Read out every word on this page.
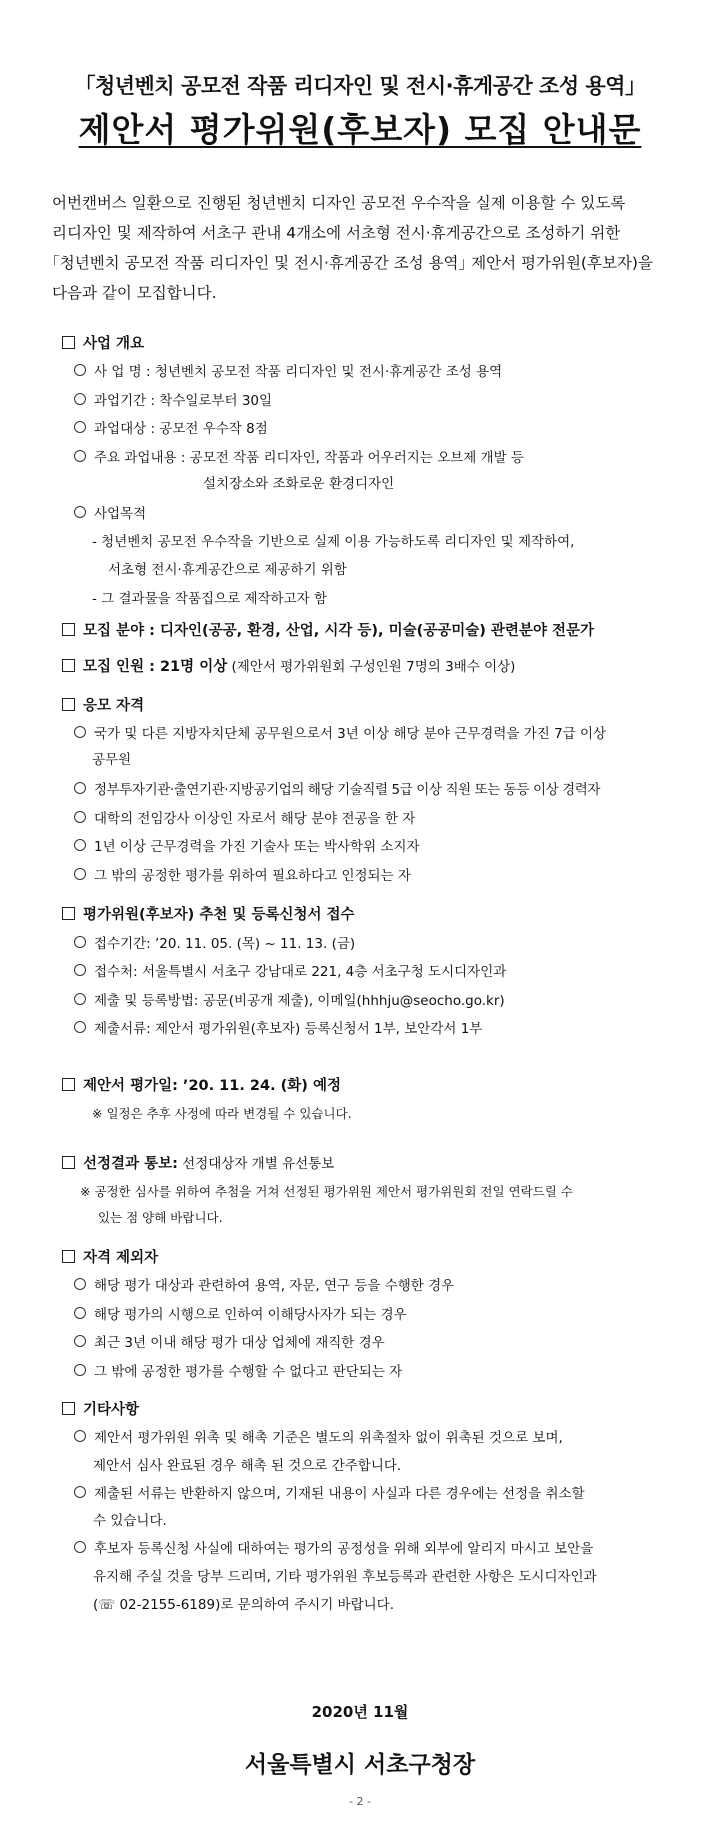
「청년벤치 공모전 작품 리디자인 및 전시·휴게공간 조성 용역」
제안서 평가위원(후보자) 모집 안내문
어번캔버스 일환으로 진행된 청년벤치 디자인 공모전 우수작을 실제 이용할 수 있도록
리디자인 및 제작하여 서초구 관내 4개소에 서초형 전시·휴게공간으로 조성하기 위한
｢청년벤치 공모전 작품 리디자인 및 전시·휴게공간 조성 용역｣ 제안서 평가위원(후보자)을
다음과 같이 모집합니다.
사업 개요
사 업 명 : 청년벤치 공모전 작품 리디자인 및 전시·휴게공간 조성 용역
과업기간 : 착수일로부터 30일
과업대상 : 공모전 우수작 8점
주요 과업내용 : 공모전 작품 리디자인, 작품과 어우러지는 오브제 개발 등
설치장소와 조화로운 환경디자인
사업목적
- 청년벤치 공모전 우수작을 기반으로 실제 이용 가능하도록 리디자인 및 제작하여,
서초형 전시·휴게공간으로 제공하기 위함
- 그 결과물을 작품집으로 제작하고자 함
모집 분야 : 디자인(공공, 환경, 산업, 시각 등), 미술(공공미술) 관련분야 전문가
모집 인원 : 21명 이상 (제안서 평가위원회 구성인원 7명의 3배수 이상)
응모 자격
국가 및 다른 지방자치단체 공무원으로서 3년 이상 해당 분야 근무경력을 가진 7급 이상
공무원
정부투자기관·출연기관·지방공기업의 해당 기술직렬 5급 이상 직원 또는 동등 이상 경력자
대학의 전임강사 이상인 자로서 해당 분야 전공을 한 자
1년 이상 근무경력을 가진 기술사 또는 박사학위 소지자
그 밖의 공정한 평가를 위하여 필요하다고 인정되는 자
평가위원(후보자) 추천 및 등록신청서 접수
접수기간: ’20. 11. 05. (목) ~ 11. 13. (금)
접수처: 서울특별시 서초구 강남대로 221, 4층 서초구청 도시디자인과
제출 및 등록방법: 공문(비공개 제출), 이메일(hhhju@seocho.go.kr)
제출서류: 제안서 평가위원(후보자) 등록신청서 1부, 보안각서 1부
제안서 평가일: ’20. 11. 24. (화) 예정
※ 일정은 추후 사정에 따라 변경될 수 있습니다.
선정결과 통보: 선정대상자 개별 유선통보
※ 공정한 심사를 위하여 추첨을 거쳐 선정된 평가위원 제안서 평가위원회 전일 연락드릴 수
있는 점 양해 바랍니다.
자격 제외자
해당 평가 대상과 관련하여 용역, 자문, 연구 등을 수행한 경우
해당 평가의 시행으로 인하여 이해당사자가 되는 경우
최근 3년 이내 해당 평가 대상 업체에 재직한 경우
그 밖에 공정한 평가를 수행할 수 없다고 판단되는 자
기타사항
제안서 평가위원 위촉 및 해촉 기준은 별도의 위촉절차 없이 위촉된 것으로 보며,
제안서 심사 완료된 경우 해촉 된 것으로 간주합니다.
제출된 서류는 반환하지 않으며, 기재된 내용이 사실과 다른 경우에는 선정을 취소할
수 있습니다.
후보자 등록신청 사실에 대하여는 평가의 공정성을 위해 외부에 알리지 마시고 보안을
유지해 주실 것을 당부 드리며, 기타 평가위원 후보등록과 관련한 사항은 도시디자인과
(☏ 02-2155-6189)로 문의하여 주시기 바랍니다.
2020년 11월
서울특별시 서초구청장
- 2 -
